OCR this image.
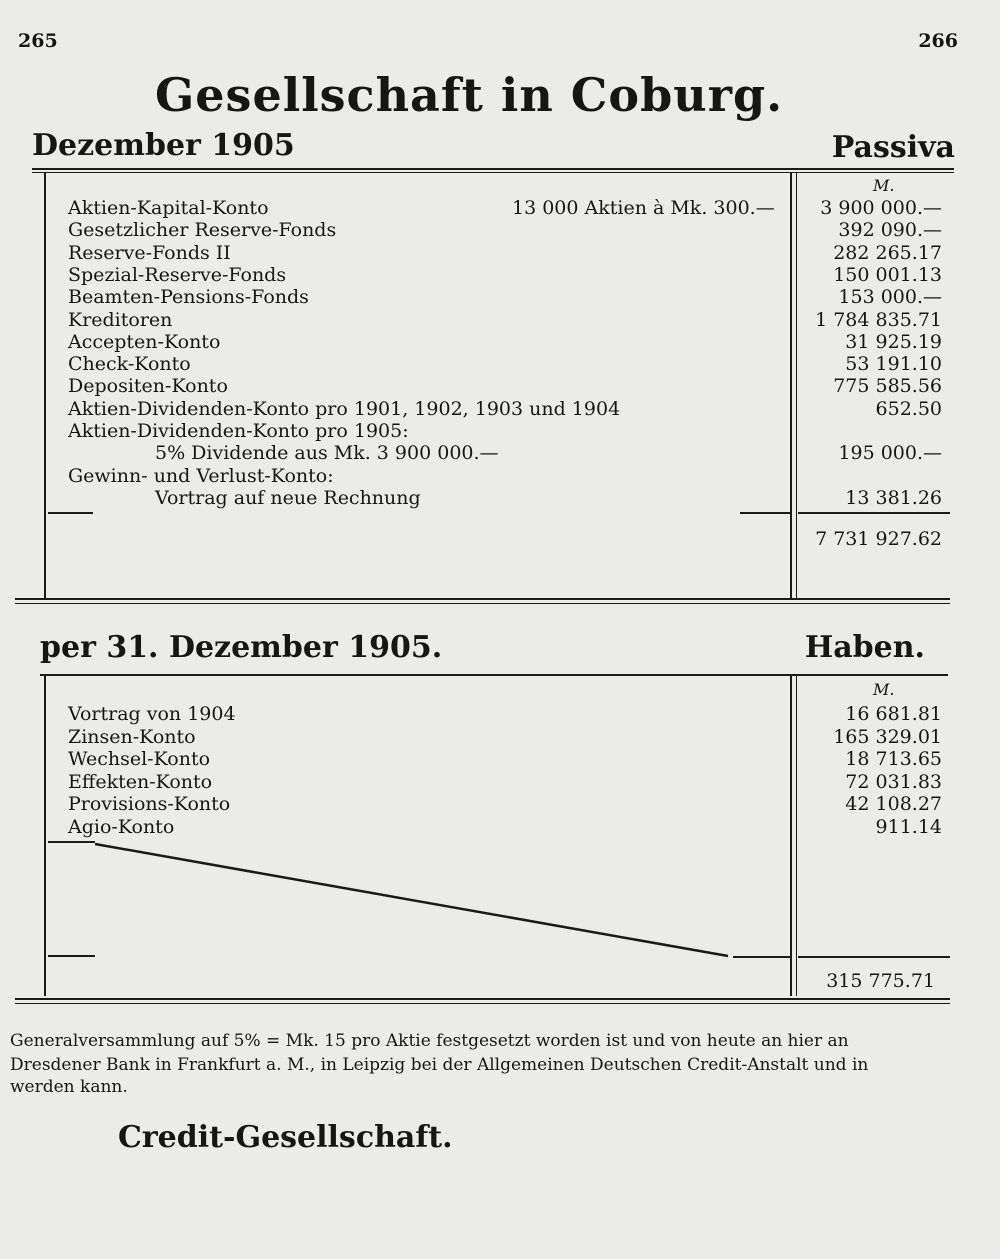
265	266
Gesellschaft in Coburg.
Dezember 1905	Passiva
M.
Aktien-Kapital-Konto	13 000 Aktien à Mk. 300.— 3 900 000.—
Gesetzlicher Reserve-Fonds	392 090.—
Reserve-Fonds II	282 265.17
Spezial-Reserve-Fonds	150 001.13
Beamten-Pensions-Fonds	153 000.—
Kreditoren	1 784 835.71
Accepten-Konto	31 925.19
Check-Konto	53 191.10
Depositen-Konto	775 585.56
Aktien-Dividenden-Konto pro 1901, 1902, 1903 und 1904	652.50
Aktien-Dividenden-Konto pro 1905:
5% Dividende aus Mk. 3 900 000.—	195 000.—
Gewinn- und Verlust-Konto:
Vortrag auf neue Rechnung	13 381.26
7 731 927.62
per 31. Dezember 1905.	Haben.
M.
Vortrag von 1904	16 681.81
Zinsen-Konto	165 329.01
Wechsel-Konto	18 713.65
Effekten-Konto	72 031.83
Provisions-Konto	42 108.27
Agio-Konto	911.14
315 775.71
Generalversammlung auf 5% = Mk. 15 pro Aktie festgesetzt worden ist und von heute an hier an
Dresdener Bank in Frankfurt a. M., in Leipzig bei der Allgemeinen Deutschen Credit-Anstalt und in
werden kann.
Credit-Gesellschaft.
